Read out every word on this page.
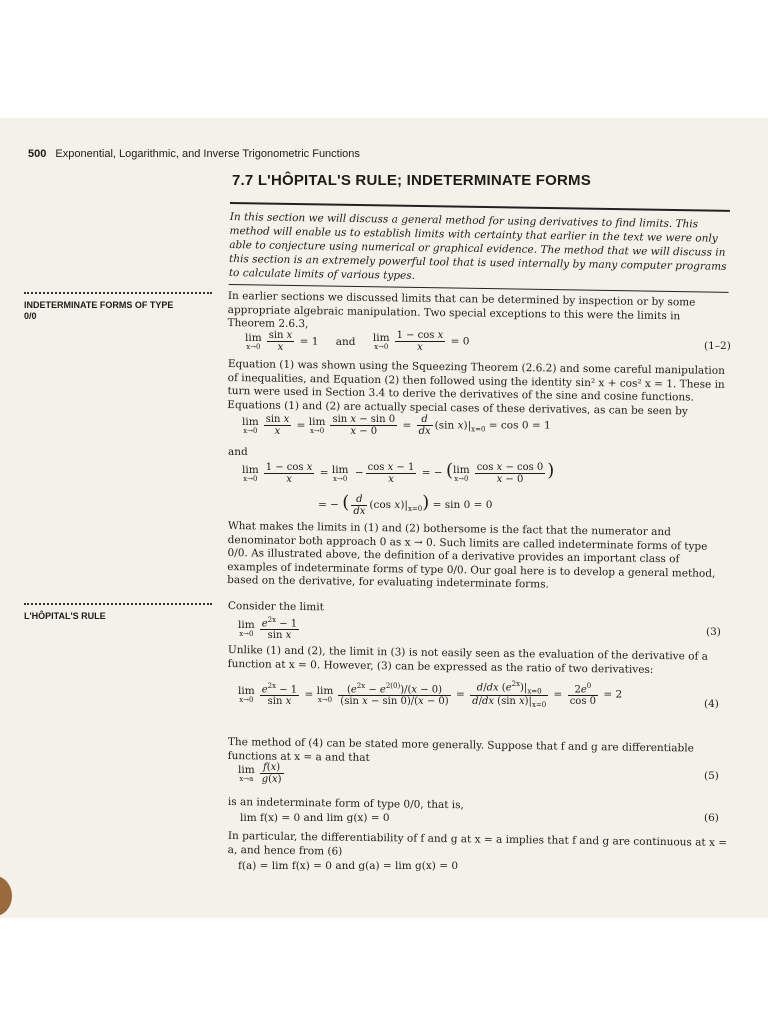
500 Exponential, Logarithmic, and Inverse Trigonometric Functions
7.7 L'HÔPITAL'S RULE; INDETERMINATE FORMS
In this section we will discuss a general method for using derivatives to find limits. This method will enable us to establish limits with certainty that earlier in the text we were only able to conjecture using numerical or graphical evidence. The method that we will discuss in this section is an extremely powerful tool that is used internally by many computer programs to calculate limits of various types.
INDETERMINATE FORMS OF TYPE 0/0
In earlier sections we discussed limits that can be determined by inspection or by some appropriate algebraic manipulation. Two special exceptions to this were the limits in Theorem 2.6.3,
lim
$x\to 0 \frac{\text{sin x}}{x} = 1$ and lim
$x\to 0 \frac{\text{1 − cos x}}{x} = 0$	(1–2)
Equation (1) was shown using the Squeezing Theorem (2.6.2) and some careful manipulation of inequalities, and Equation (2) then followed using the identity sin² x + cos² x = 1. These in turn were used in Section 3.4 to derive the derivatives of the sine and cosine functions. Equations (1) and (2) are actually special cases of these derivatives, as can be seen by
lim
$x\to 0 \frac{\text{sin x}}{x} = \lim$
$x\to 0 \frac{\text{sin x − sin 0}}{x - 0} = \frac{d}{dx} (\sin$ $x)|_{x=0} = \cos 0 = 1$
and
lim
$x\to 0 \frac{\text{1 − cos x}}{x} = \lim$
$x\to 0 - \frac{\text{cos x − 1}}{x}$ = − ( lim
$x\to 0 \frac{\text{cos x − cos 0}}{x - 0}$ )
= − ( $\frac{d}{dx} (\cos$ $x)|_{x=0}) = \sin 0 = 0$
What makes the limits in (1) and (2) bothersome is the fact that the numerator and denominator both approach 0 as x → 0. Such limits are called indeterminate forms of type 0/0. As illustrated above, the definition of a derivative provides an important class of examples of indeterminate forms of type 0/0. Our goal here is to develop a general method, based on the derivative, for evaluating indeterminate forms.
L'HÔPITAL'S RULE
Consider the limit
lim
$x\to 0 \frac{e^{2x} - 1}{\text{sin x}}$	(3)
Unlike (1) and (2), the limit in (3) is not easily seen as the evaluation of the derivative of a function at x = 0. However, (3) can be expressed as the ratio of two derivatives:
lim
$x\to 0 \frac{e^{2x} - 1}{\text{sin x}} = \lim$
$x\to 0 \frac{(e^{2x} - e^{2(0)})/(x - 0)}{\text{(sin x − sin 0)/(x − 0)}} = \frac{d/dx (e^{2x})|_{x=0}}{d/dx (\sin x)|_{x=0}} = \frac{2e^0}{\cos 0} = 2$
(4)
The method of (4) can be stated more generally. Suppose that f and g are differentiable functions at x = a and that
lim
$x\to a \frac{f(x)}{g(x)}$	(5)
is an indeterminate form of type 0/0, that is,
lim f(x) = 0 and lim g(x) = 0	(6)
In particular, the differentiability of f and g at x = a implies that f and g are continuous at x = a, and hence from (6)
f(a) = lim f(x) = 0 and g(a) = lim g(x) = 0
